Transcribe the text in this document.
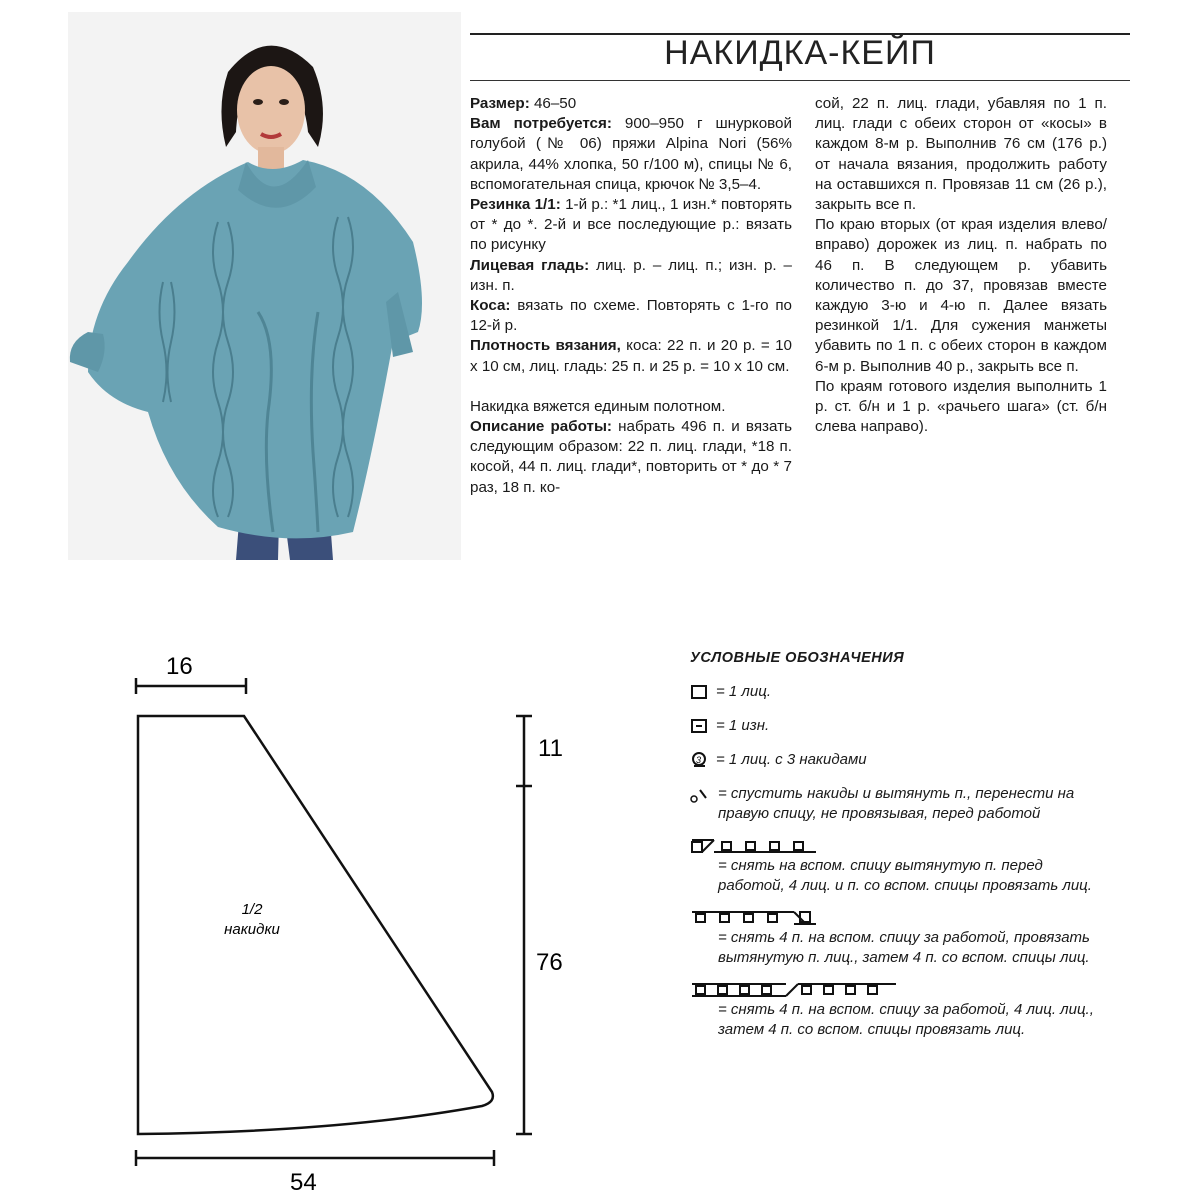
НАКИДКА-КЕЙП

Размер: 46–50

Вам потребуется: 900–950 г шнурковой голубой (№ 06) пряжи Alpina Nori (56% акрила, 44% хлопка, 50 г/100 м), спицы № 6, вспомогательная спица, крючок № 3,5–4.

Резинка 1/1: 1-й р.: *1 лиц., 1 изн.* повторять от * до *. 2-й и все последующие р.: вязать по рисунку

Лицевая гладь: лиц. р. – лиц. п.; изн. р. – изн. п.

Коса: вязать по схеме. Повторять с 1-го по 12-й р.

Плотность вязания, коса: 22 п. и 20 р. = 10 х 10 см, лиц. гладь: 25 п. и 25 р. = 10 х 10 см.

Накидка вяжется единым полотном.

Описание работы: набрать 496 п. и вязать следующим образом: 22 п. лиц. глади, *18 п. косой, 44 п. лиц. глади*, повторить от * до * 7 раз, 18 п. ко-

сой, 22 п. лиц. глади, убавляя по 1 п. лиц. глади с обеих сторон от «косы» в каждом 8-м р. Выполнив 76 см (176 р.) от начала вязания, продолжить работу на оставшихся п. Провязав 11 см (26 р.), закрыть все п.

По краю вторых (от края изделия влево/вправо) дорожек из лиц. п. набрать по 46 п. В следующем р. убавить количество п. до 37, провязав вместе каждую 3-ю и 4-ю п. Далее вязать резинкой 1/1. Для сужения манжеты убавить по 1 п. с обеих сторон в каждом 6-м р. Выполнив 40 р., закрыть все п.

По краям готового изделия выполнить 1 р. ст. б/н и 1 р. «рачьего шага» (ст. б/н слева направо).

16
11
76
54
1/2
накидки
УСЛОВНЫЕ ОБОЗНАЧЕНИЯ
= 1 лиц.
= 1 изн.
3 = 1 лиц. с 3 накидами
= спустить накиды и вытянуть п., перенести на правую спицу, не провязывая, перед работой
= снять на вспом. спицу вытянутую п. перед работой, 4 лиц. и п. со вспом. спицы провязать лиц.
= снять 4 п. на вспом. спицу за работой, провязать вытянутую п. лиц., затем 4 п. со вспом. спицы лиц.
= снять 4 п. на вспом. спицу за работой, 4 лиц. лиц., затем 4 п. со вспом. спицы провязать лиц.
